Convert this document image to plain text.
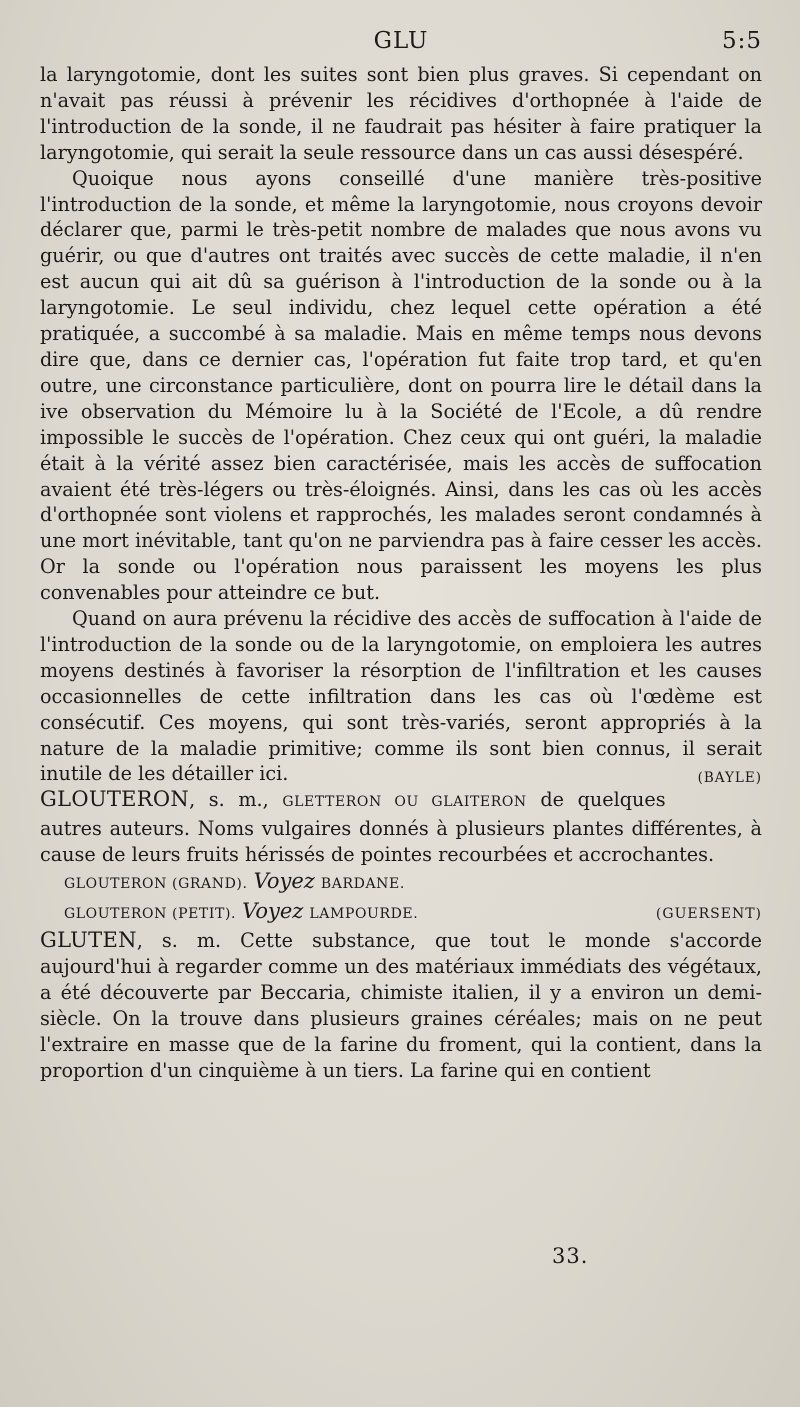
GLU	5:5

la laryngotomie, dont les suites sont bien plus graves. Si cependant on n'avait pas réussi à prévenir les récidives d'orthopnée à l'aide de l'introduction de la sonde, il ne faudrait pas hésiter à faire pratiquer la laryngotomie, qui serait la seule ressource dans un cas aussi désespéré.

Quoique nous ayons conseillé d'une manière très-positive l'introduction de la sonde, et même la laryngotomie, nous croyons devoir déclarer que, parmi le très-petit nombre de malades que nous avons vu guérir, ou que d'autres ont traités avec succès de cette maladie, il n'en est aucun qui ait dû sa guérison à l'introduction de la sonde ou à la laryngotomie. Le seul individu, chez lequel cette opération a été pratiquée, a succombé à sa maladie. Mais en même temps nous devons dire que, dans ce dernier cas, l'opération fut faite trop tard, et qu'en outre, une circonstance particulière, dont on pourra lire le détail dans la ive observation du Mémoire lu à la Société de l'Ecole, a dû rendre impossible le succès de l'opération. Chez ceux qui ont guéri, la maladie était à la vérité assez bien caractérisée, mais les accès de suffocation avaient été très-légers ou très-éloignés. Ainsi, dans les cas où les accès d'orthopnée sont violens et rapprochés, les malades seront condamnés à une mort inévitable, tant qu'on ne parviendra pas à faire cesser les accès. Or la sonde ou l'opération nous paraissent les moyens les plus convenables pour atteindre ce but.

Quand on aura prévenu la récidive des accès de suffocation à l'aide de l'introduction de la sonde ou de la laryngotomie, on emploiera les autres moyens destinés à favoriser la résorption de l'infiltration et les causes occasionnelles de cette infiltration dans les cas où l'œdème est consécutif. Ces moyens, qui sont très-variés, seront appropriés à la nature de la maladie primitive; comme ils sont bien connus, il serait inutile de les détailler ici.	(BAYLE)

GLOUTERON, s. m., GLETTERON OU GLAITERON de quelques autres auteurs. Noms vulgaires donnés à plusieurs plantes différentes, à cause de leurs fruits hérissés de pointes recourbées et accrochantes.

GLOUTERON (GRAND). Voyez BARDANE.

GLOUTERON (PETIT). Voyez LAMPOURDE.	(GUERSENT)

GLUTEN, s. m. Cette substance, que tout le monde s'accorde aujourd'hui à regarder comme un des matériaux immédiats des végétaux, a été découverte par Beccaria, chimiste italien, il y a environ un demi-siècle. On la trouve dans plusieurs graines céréales; mais on ne peut l'extraire en masse que de la farine du froment, qui la contient, dans la proportion d'un cinquième à un tiers. La farine qui en contient

33.
